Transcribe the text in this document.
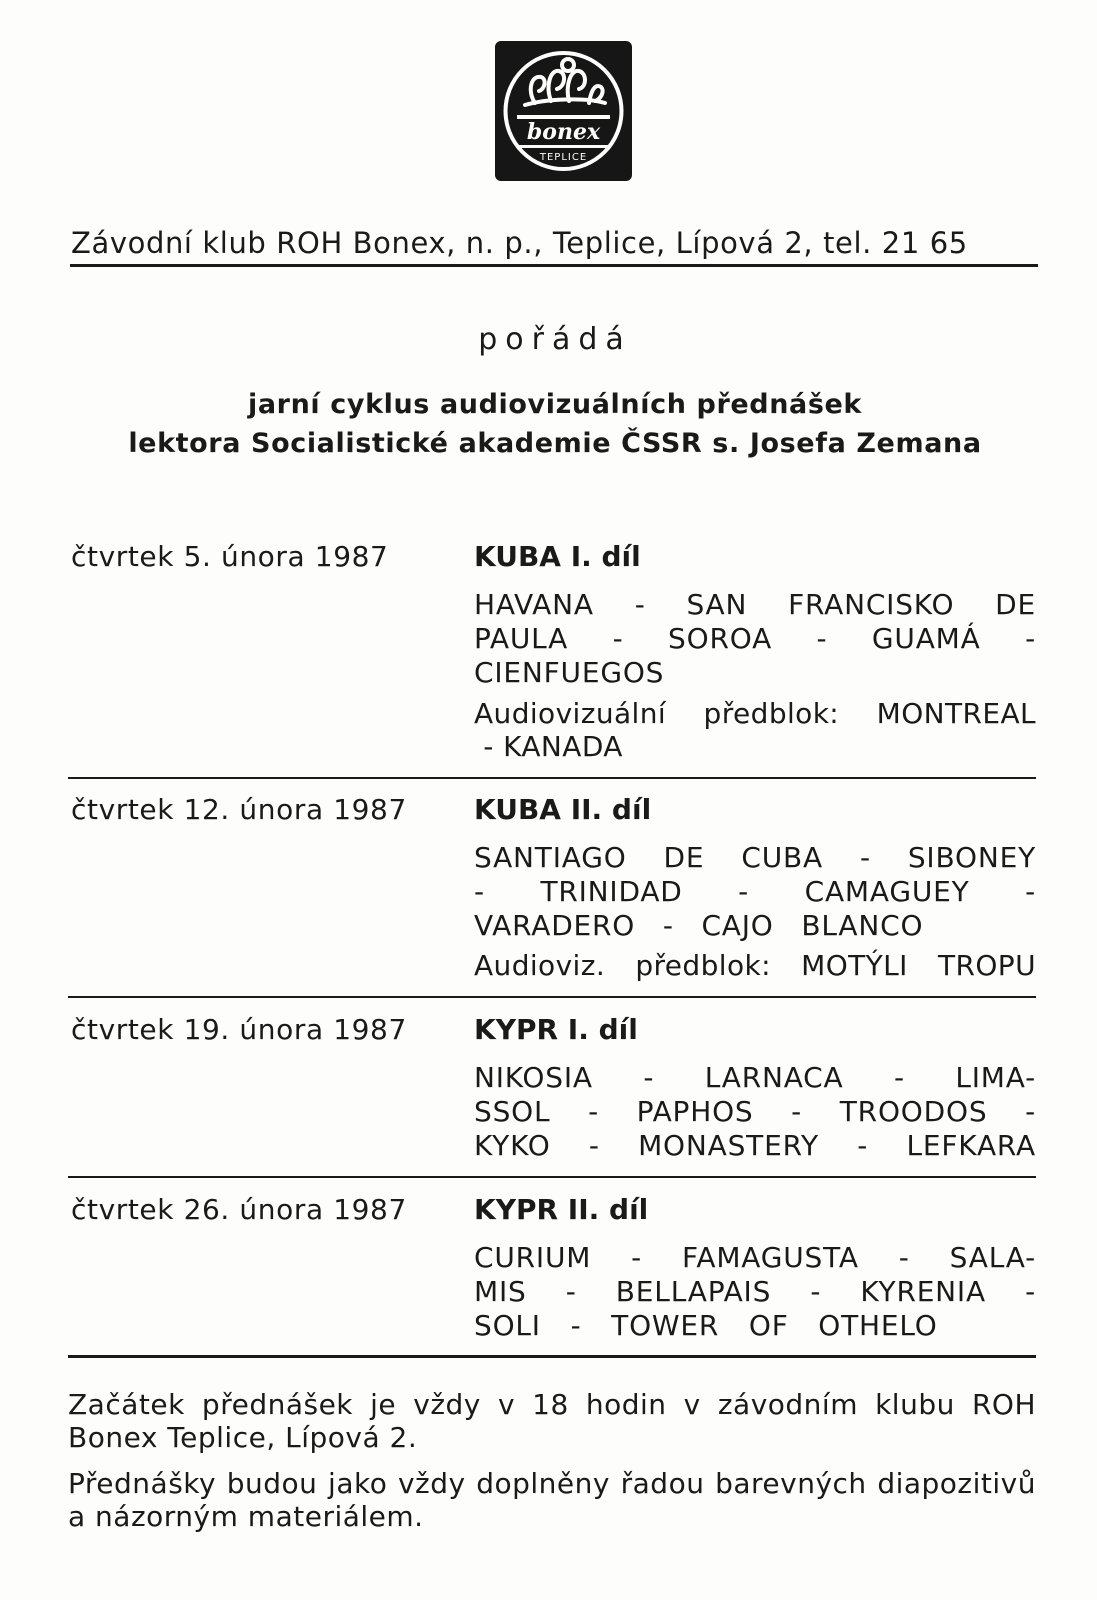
bonex
TEPLICE
Závodní klub ROH Bonex, n. p., Teplice, Lípová 2, tel. 21 65
pořádá
jarní cyklus audiovizuálních přednášek
lektora Socialistické akademie ČSSR s. Josefa Zemana
čtvrtek 5. února 1987	KUBA I. díl
HAVANA - SAN FRANCISKO DE
PAULA - SOROA - GUAMÁ -
CIENFUEGOS
Audiovizuální předblok: MONTREAL
- KANADA
čtvrtek 12. února 1987 KUBA II. díl
SANTIAGO DE CUBA - SIBONEY
- TRINIDAD - CAMAGUEY -
VARADERO - CAJO BLANCO
Audioviz. předblok: MOTÝLI TROPU
čtvrtek 19. února 1987 KYPR I. díl
NIKOSIA - LARNACA - LIMA-
SSOL - PAPHOS - TROODOS -
KYKO - MONASTERY - LEFKARA
čtvrtek 26. února 1987 KYPR II. díl
CURIUM - FAMAGUSTA - SALA-
MIS - BELLAPAIS - KYRENIA -
SOLI - TOWER OF OTHELO
Začátek přednášek je vždy v 18 hodin v závodním klubu ROH Bonex Teplice, Lípová 2.
Přednášky budou jako vždy doplněny řadou barevných diapozitivů a názorným materiálem.
